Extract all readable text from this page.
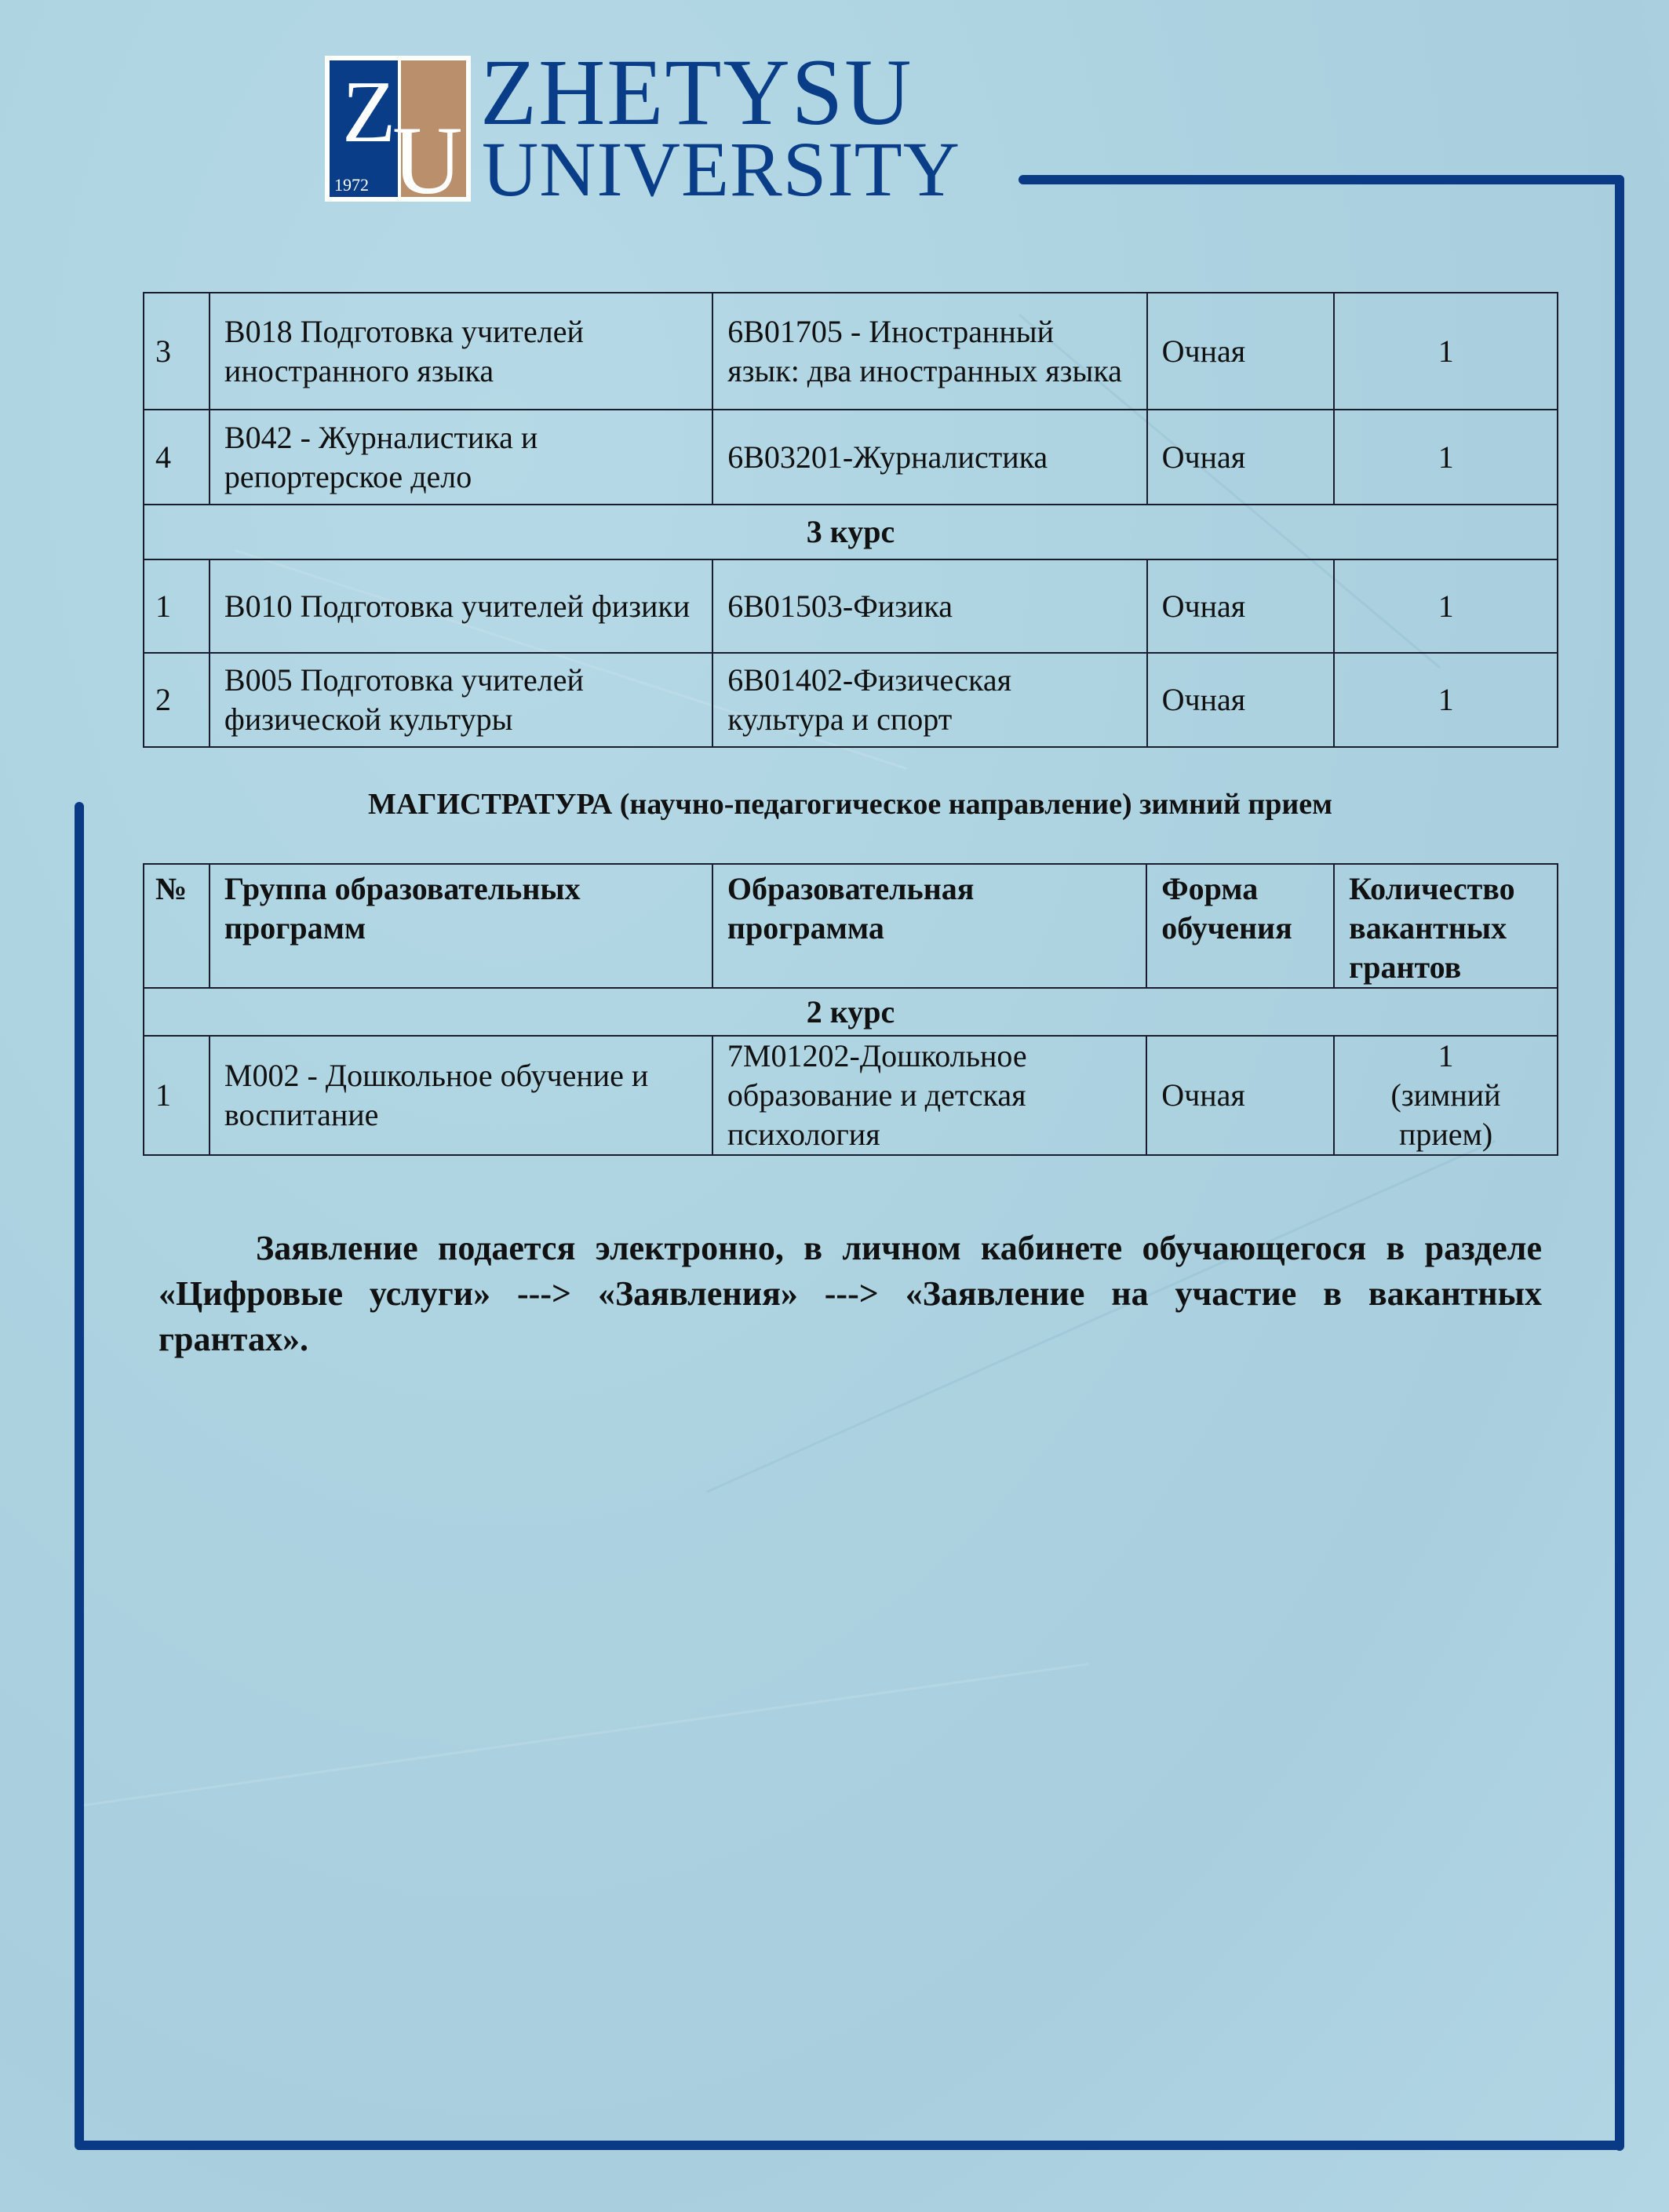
Z
U
1972
ZHETYSU
UNIVERSITY
3	B018 Подготовка учителей иностранного языка	6B01705 - Иностранный язык: два иностранных языка	Очная	1
4	B042 - Журналистика и репортерское дело	6B03201-Журналистика	Очная	1
3 курс				
1	B010 Подготовка учителей физики	6B01503-Физика	Очная	1
2	B005 Подготовка учителей физической культуры	6B01402-Физическая культура и спорт	Очная	1
МАГИСТРАТУРА (научно-педагогическое направление) зимний прием
№	Группа образовательных программ	Образовательная программа	Форма обучения	Количество вакантных грантов
2 курс				
1	M002 - Дошкольное обучение и воспитание	7M01202-Дошкольное образование и детская психология	Очная	1
(зимний прием)

Заявление подается электронно, в личном кабинете обучающегося в разделе «Цифровые услуги» ---> «Заявления» ---> «Заявление на участие в вакантных грантах».
